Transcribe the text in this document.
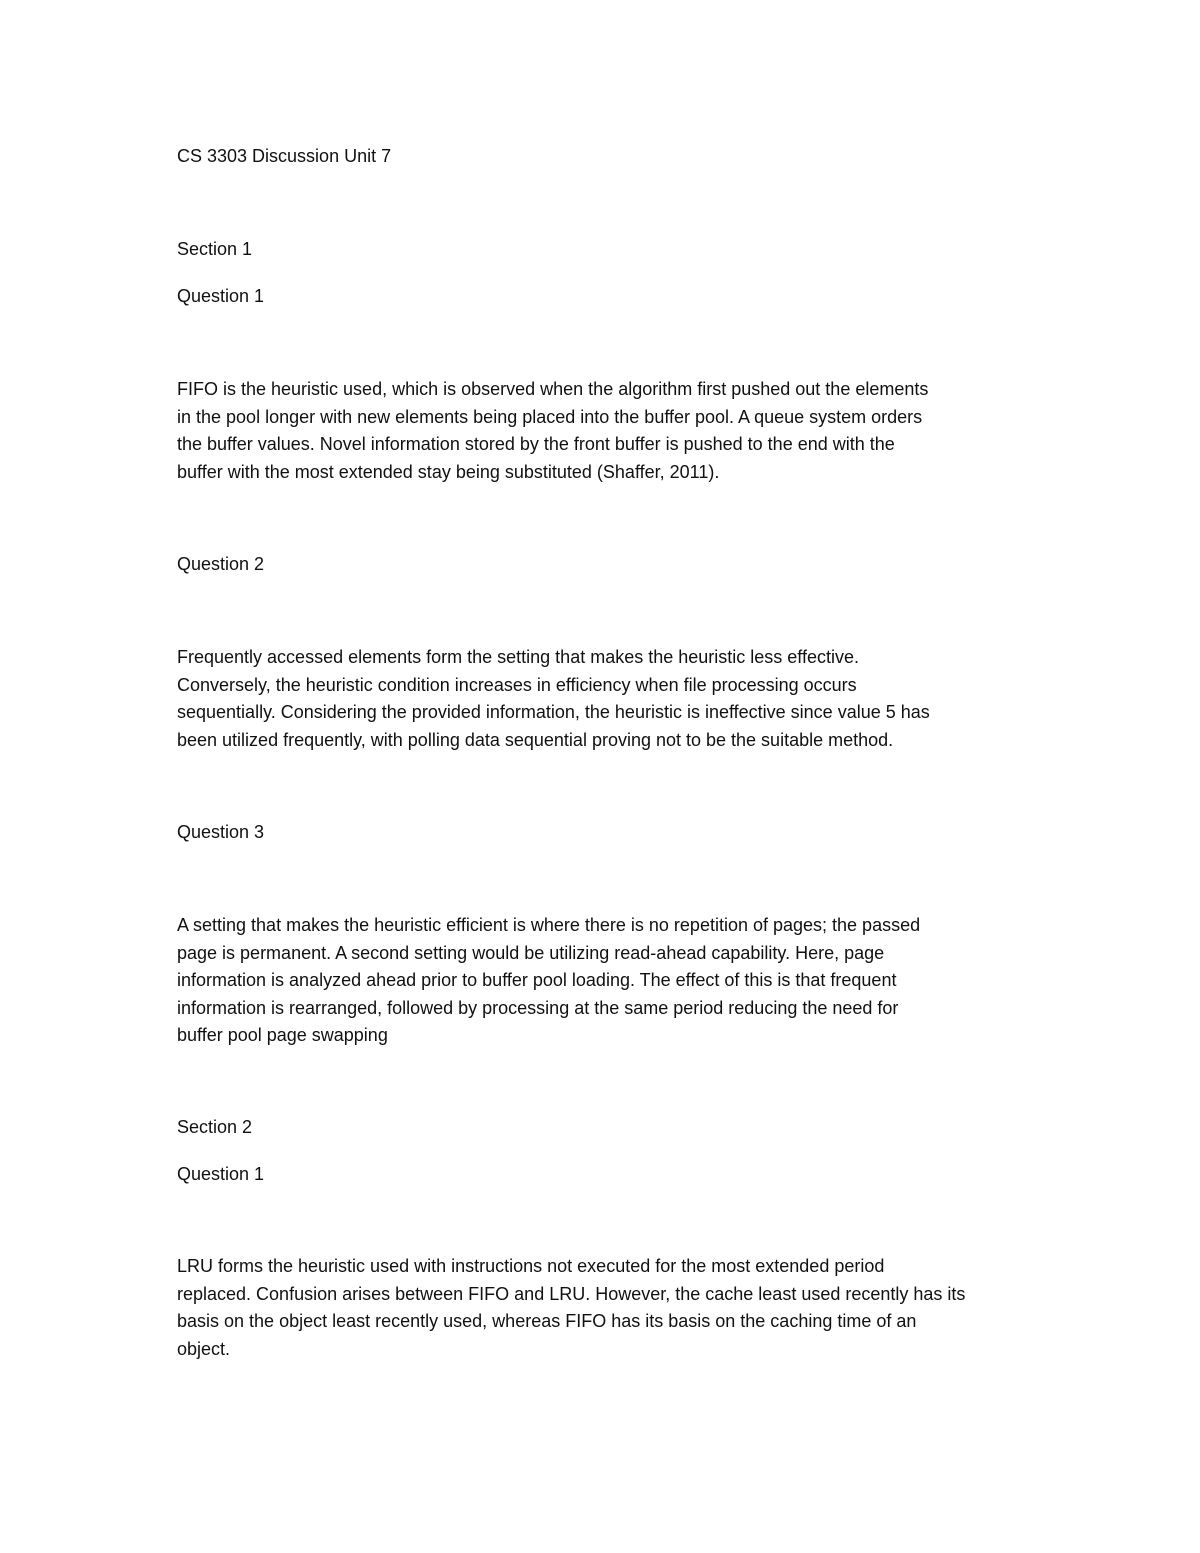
CS 3303 Discussion Unit 7

Section 1

Question 1

FIFO is the heuristic used, which is observed when the algorithm first pushed out the elements
in the pool longer with new elements being placed into the buffer pool. A queue system orders
the buffer values. Novel information stored by the front buffer is pushed to the end with the
buffer with the most extended stay being substituted (Shaffer, 2011).

Question 2

Frequently accessed elements form the setting that makes the heuristic less effective.
Conversely, the heuristic condition increases in efficiency when file processing occurs
sequentially. Considering the provided information, the heuristic is ineffective since value 5 has
been utilized frequently, with polling data sequential proving not to be the suitable method.

Question 3

A setting that makes the heuristic efficient is where there is no repetition of pages; the passed
page is permanent. A second setting would be utilizing read-ahead capability. Here, page
information is analyzed ahead prior to buffer pool loading. The effect of this is that frequent
information is rearranged, followed by processing at the same period reducing the need for
buffer pool page swapping

Section 2

Question 1

LRU forms the heuristic used with instructions not executed for the most extended period
replaced. Confusion arises between FIFO and LRU. However, the cache least used recently has its
basis on the object least recently used, whereas FIFO has its basis on the caching time of an
object.
